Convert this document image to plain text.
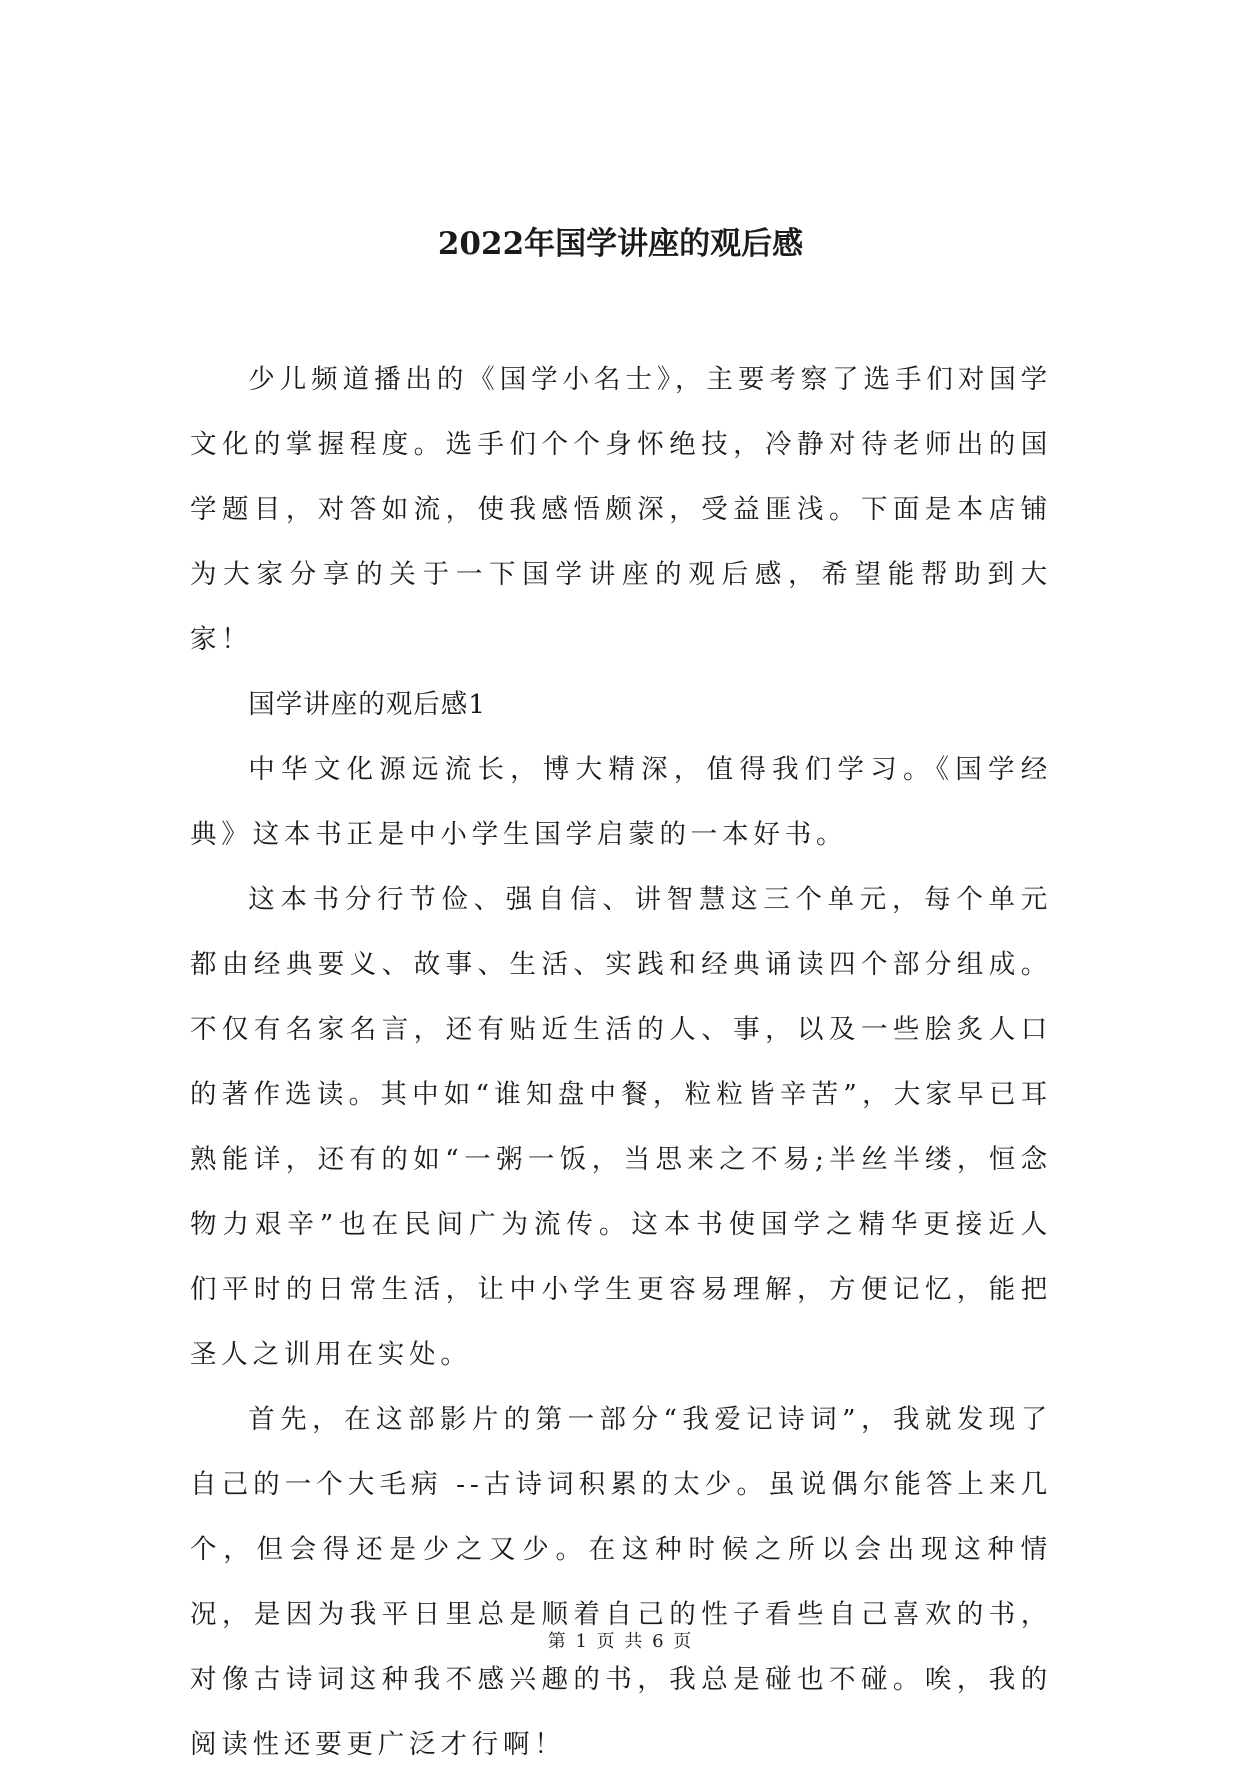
2022年国学讲座的观后感

少儿频道播出的《国学小名士》，主要考察了选手们对国学文化的掌握程度。选手们个个身怀绝技，冷静对待老师出的国学题目，对答如流，使我感悟颇深，受益匪浅。下面是本店铺为大家分享的关于一下国学讲座的观后感，希望能帮助到大家！

国学讲座的观后感1

中华文化源远流长，博大精深，值得我们学习。《国学经典》这本书正是中小学生国学启蒙的一本好书。

这本书分行节俭、强自信、讲智慧这三个单元，每个单元都由经典要义、故事、生活、实践和经典诵读四个部分组成。不仅有名家名言，还有贴近生活的人、事，以及一些脍炙人口的著作选读。其中如“谁知盘中餐，粒粒皆辛苦”，大家早已耳熟能详，还有的如“一粥一饭，当思来之不易;半丝半缕，恒念物力艰辛”也在民间广为流传。这本书使国学之精华更接近人们平时的日常生活，让中小学生更容易理解，方便记忆，能把圣人之训用在实处。

首先，在这部影片的第一部分“我爱记诗词”，我就发现了自己的一个大毛病 --古诗词积累的太少。虽说偶尔能答上来几个，但会得还是少之又少。在这种时候之所以会出现这种情况，是因为我平日里总是顺着自己的性子看些自己喜欢的书，对像古诗词这种我不感兴趣的书，我总是碰也不碰。唉，我的阅读性还要更广泛才行啊！

第 1 页 共 6 页
